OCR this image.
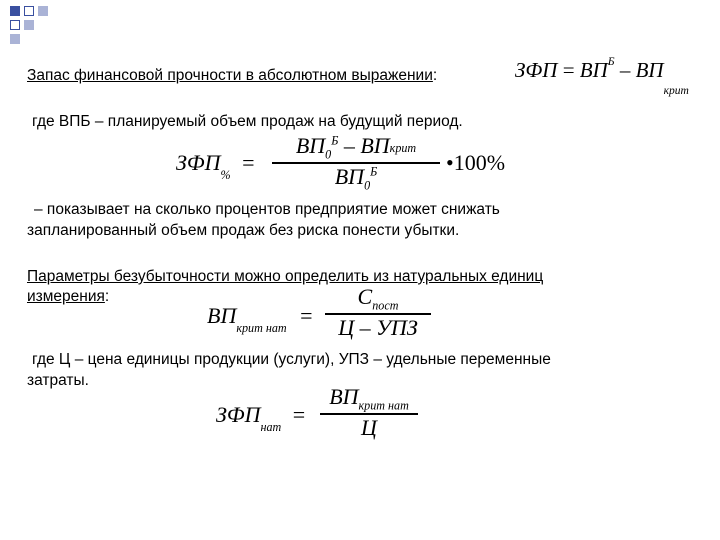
Запас финансовой прочности в абсолютном выражении:	ЗФП = $ВП^Б - ВП_{крит}$
где ВПБ – планируемый объем продаж на будущий период.
$ЗФП_{\%}$ =
$ВП_0^Б - ВП_{крит}$
$ВП_0^Б$	•100%
– показывает на сколько процентов предприятие может снижать
запланированный объем продаж без риска понести убытки.
Параметры безубыточности можно определить из натуральных единиц
измерения:
$ВП_{крит нат}$ =
$С_{пост}$
Ц – УПЗ
где Ц – цена единицы продукции (услуги), УПЗ – удельные переменные
затраты.
$ЗФП_{нат}$ =
$ВП_{крит нат}$
Ц
